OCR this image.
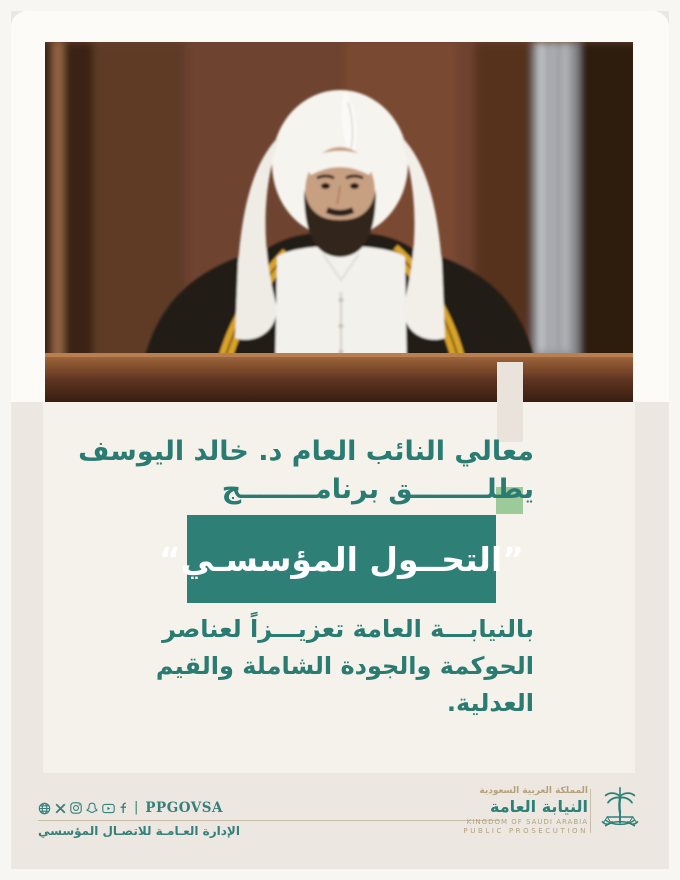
معالي النائب العام د. خالد اليوسف
يطلــــــــق برنامــــــــج
”التحــول المؤسسـي“
بالنيابـــة العامة تعزيـــزاً لعناصر
الحوكمة والجودة الشاملة والقيم
العدلية.
| PPGOVSA
الإدارة العـامـة للاتصـال المؤسسي
المملكة العربية السعودية
النيابة العامة
KINGDOM OF SAUDI ARABIA
PUBLIC PROSECUTION
